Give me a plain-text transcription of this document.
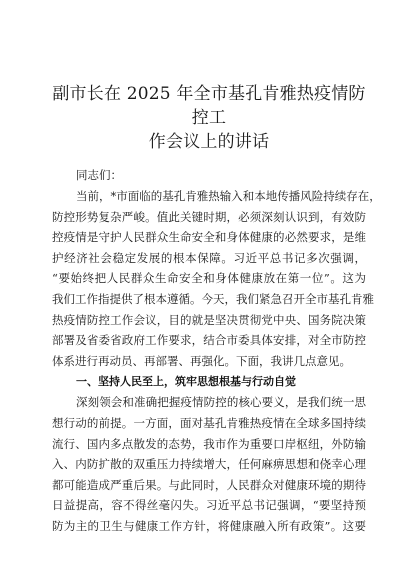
副市长在 2025 年全市基孔肯雅热疫情防控工
作会议上的讲话
同志们：

当前，*市面临的基孔肯雅热输入和本地传播风险持续存在，
防控形势复杂严峻。值此关键时期，必须深刻认识到，有效防
控疫情是守护人民群众生命安全和身体健康的必然要求，是维
护经济社会稳定发展的根本保障。习近平总书记多次强调，
“要始终把人民群众生命安全和身体健康放在第一位”。这为
我们工作指提供了根本遵循。今天，我们紧急召开全市基孔肯雅
热疫情防控工作会议，目的就是坚决贯彻党中央、国务院决策
部署及省委省政府工作要求，结合市委具体安排，对全市防控
体系进行再动员、再部署、再强化。下面，我讲几点意见。

一、坚持人民至上，筑牢思想根基与行动自觉

深刻领会和准确把握疫情防控的核心要义，是我们统一思
想行动的前提。一方面，面对基孔肯雅热疫情在全球多国持续
流行、国内多点散发的态势，我市作为重要口岸枢纽，外防输
入、内防扩散的双重压力持续增大，任何麻痹思想和侥幸心理
都可能造成严重后果。与此同时，人民群众对健康环境的期待
日益提高，容不得丝毫闪失。习近平总书记强调，“要坚持预
防为主的卫生与健康工作方针，将健康融入所有政策”。这要
